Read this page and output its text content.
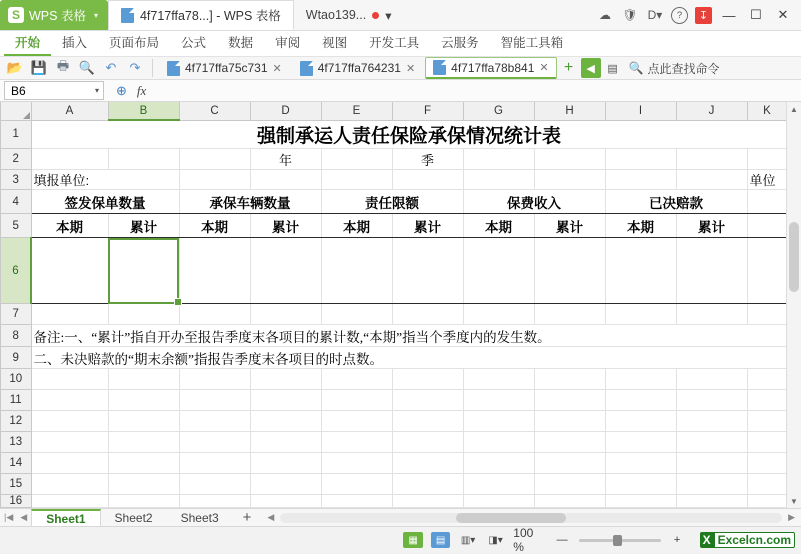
S WPS 表格 ▾	4f717ffa78...] - WPS 表格 Wtao139... ▾	☁ 🛡 D▾	?	↧ —	☐	✕
开始	插入	页面布局	公式	数据	审阅	视图	开发工具	云服务	智能工具箱
📂 💾 🖶 🔍 ↶	↷	4f717ffa75c731 ✕	4f717ffa764231 ✕	4f717ffa78b841 ✕ +	◀	▤ 🔍 点此查找命令
B6	▾ ⊕ fx
	A	B	C	D	E	F	G	H	I	J	K
1	强制承运人责任保险承保情况统计表										
2				年		季					
3	填报单位:										单位
4	签发保单数量		承保车辆数量		责任限额		保费收入		已决赔款		
5	本期	累计	本期	累计	本期	累计	本期	累计	本期	累计	
6											
7											
8	备注:一、“累计”指自开办至报告季度末各项目的累计数,“本期”指当个季度内的发生数。										
9	二、未决赔款的“期末余额”指报告季度末各项目的时点数。										
10											
11											
12											
13											
14											
15											
16											
▲
▼
|◀ ◀	Sheet1	Sheet2	Sheet3	+	◀	▶
▦	▤	▥▾ ◨▾ 100 %	—	+	X Excelcn.com
